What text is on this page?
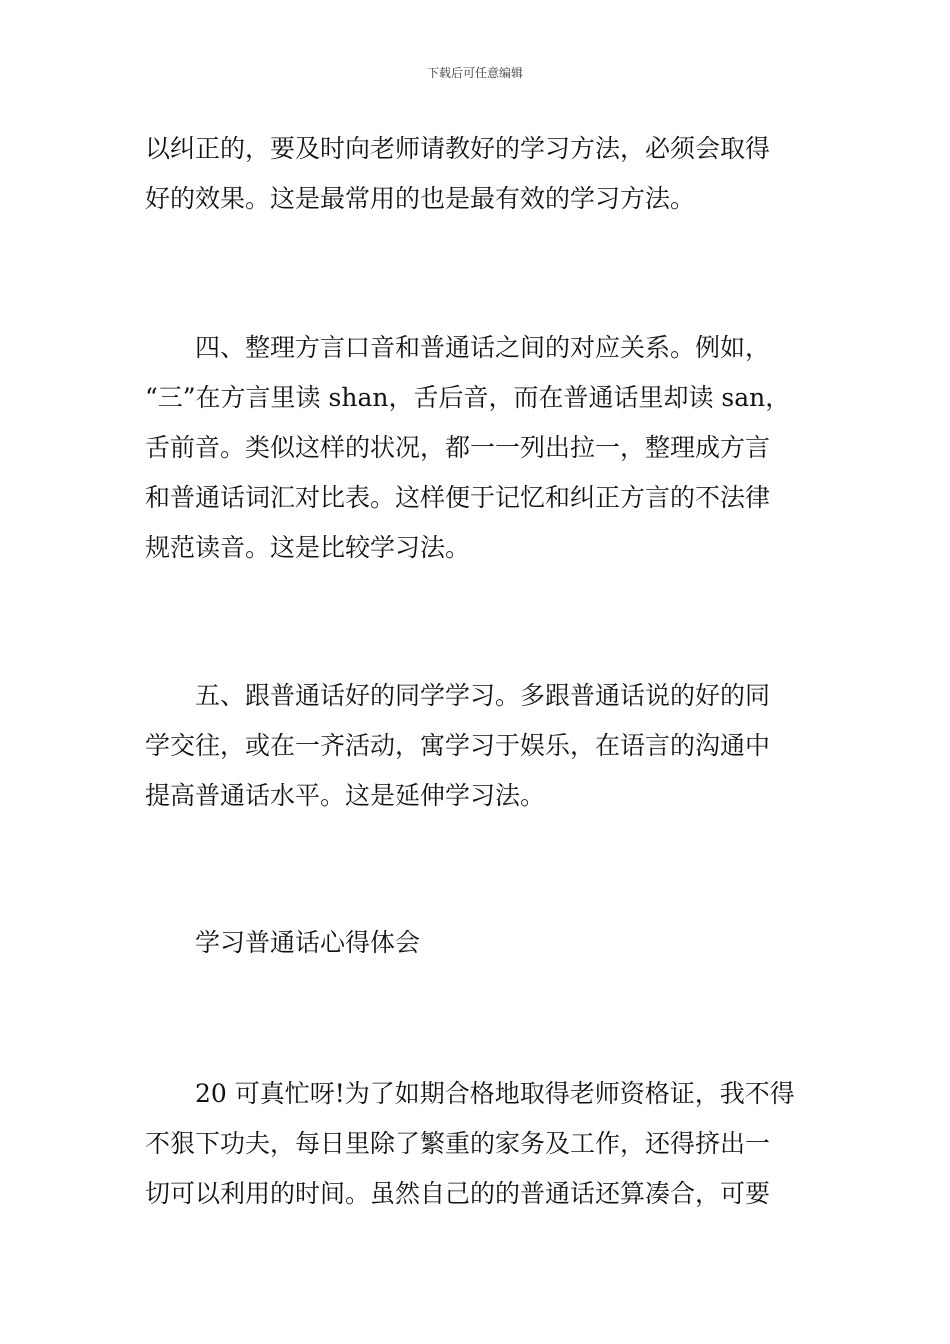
下载后可任意编辑
以纠正的，要及时向老师请教好的学习方法，必须会取得
好的效果。这是最常用的也是最有效的学习方法。
四、整理方言口音和普通话之间的对应关系。例如，
“三”在方言里读 shan，舌后音，而在普通话里却读 san，
舌前音。类似这样的状况，都一一列出拉一，整理成方言
和普通话词汇对比表。这样便于记忆和纠正方言的不法律
规范读音。这是比较学习法。
五、跟普通话好的同学学习。多跟普通话说的好的同
学交往，或在一齐活动，寓学习于娱乐，在语言的沟通中
提高普通话水平。这是延伸学习法。
学习普通话心得体会
20 可真忙呀!为了如期合格地取得老师资格证，我不得
不狠下功夫，每日里除了繁重的家务及工作，还得挤出一
切可以利用的时间。虽然自己的的普通话还算凑合，可要
